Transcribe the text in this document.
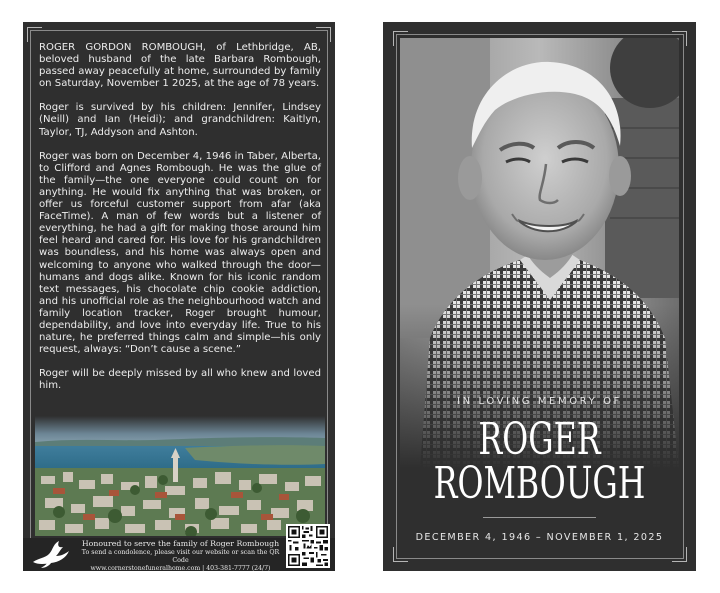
ROGER GORDON ROMBOUGH, of Lethbridge, AB, beloved husband of the late Barbara Rombough, passed away peacefully at home, surrounded by family on Saturday, November 1 2025, at the age of 78 years.

Roger is survived by his children: Jennifer, Lindsey (Neill) and Ian (Heidi); and grandchildren: Kaitlyn, Taylor, TJ, Addyson and Ashton.

Roger was born on December 4, 1946 in Taber, Alberta, to Clifford and Agnes Rombough. He was the glue of the family—the one everyone could count on for anything. He would fix anything that was broken, or offer us forceful customer support from afar (aka FaceTime). A man of few words but a listener of everything, he had a gift for making those around him feel heard and cared for. His love for his grandchildren was boundless, and his home was always open and welcoming to anyone who walked through the door—humans and dogs alike. Known for his iconic random text messages, his chocolate chip cookie addiction, and his unofficial role as the neighbourhood watch and family location tracker, Roger brought humour, dependability, and love into everyday life. True to his nature, he preferred things calm and simple—his only request, always: “Don’t cause a scene.”

Roger will be deeply missed by all who knew and loved him.

Honoured to serve the family of Roger Rombough
To send a condolence, please visit our website or scan the QR Code
www.cornerstonefuneralhome.com | 403-381-7777 (24/7)
IN LOVING MEMORY OF
ROGER
ROMBOUGH
DECEMBER 4, 1946 – NOVEMBER 1, 2025
